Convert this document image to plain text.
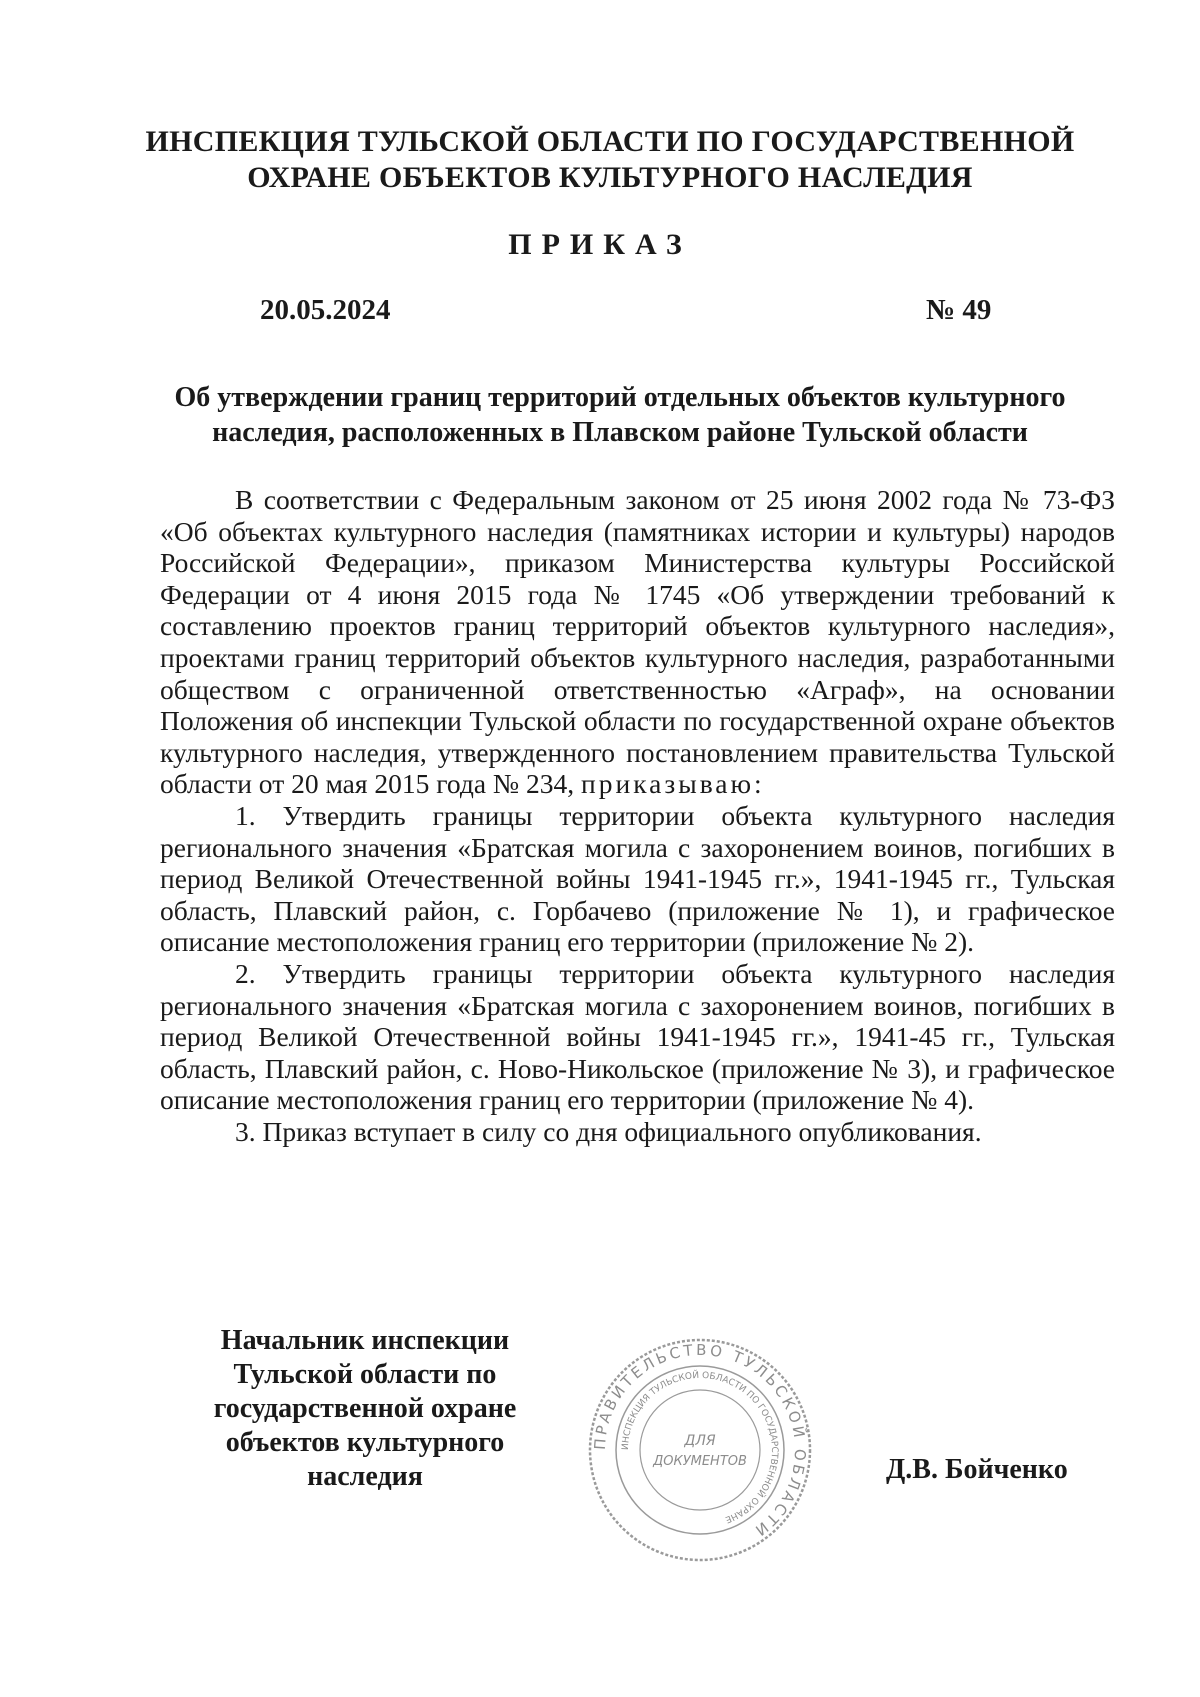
ИНСПЕКЦИЯ ТУЛЬСКОЙ ОБЛАСТИ ПО ГОСУДАРСТВЕННОЙ
ОХРАНЕ ОБЪЕКТОВ КУЛЬТУРНОГО НАСЛЕДИЯ
ПРИКАЗ
20.05.2024	№ 49
Об утверждении границ территорий отдельных объектов культурного
наследия, расположенных в Плавском районе Тульской области

В соответствии с Федеральным законом от 25 июня 2002 года № 73-ФЗ «Об объектах культурного наследия (памятниках истории и культуры) народов Российской Федерации», приказом Министерства культуры Российской Федерации от 4 июня 2015 года № 1745 «Об утверждении требований к составлению проектов границ территорий объектов культурного наследия», проектами границ территорий объектов культурного наследия, разработанными обществом с ограниченной ответственностью «Аграф», на основании Положения об инспекции Тульской области по государственной охране объектов культурного наследия, утвержденного постановлением правительства Тульской области от 20 мая 2015 года № 234, приказываю:

1. Утвердить границы территории объекта культурного наследия регионального значения «Братская могила с захоронением воинов, погибших в период Великой Отечественной войны 1941-1945 гг.», 1941-1945 гг., Тульская область, Плавский район, с. Горбачево (приложение № 1), и графическое описание местоположения границ его территории (приложение № 2).

2. Утвердить границы территории объекта культурного наследия регионального значения «Братская могила с захоронением воинов, погибших в период Великой Отечественной войны 1941-1945 гг.», 1941-45 гг., Тульская область, Плавский район, с. Ново-Никольское (приложение № 3), и графическое описание местоположения границ его территории (приложение № 4).

3. Приказ вступает в силу со дня официального опубликования.

Начальник инспекции
Тульской области по
государственной охране
объектов культурного
наследия
ПРАВИТЕЛЬСТВО ТУЛЬСКОЙ ОБЛАСТИ
ИНСПЕКЦИЯ ТУЛЬСКОЙ ОБЛАСТИ ПО ГОСУДАРСТВЕННОЙ ОХРАНЕ
ДЛЯ
ДОКУМЕНТОВ	Д.В. Бойченко
